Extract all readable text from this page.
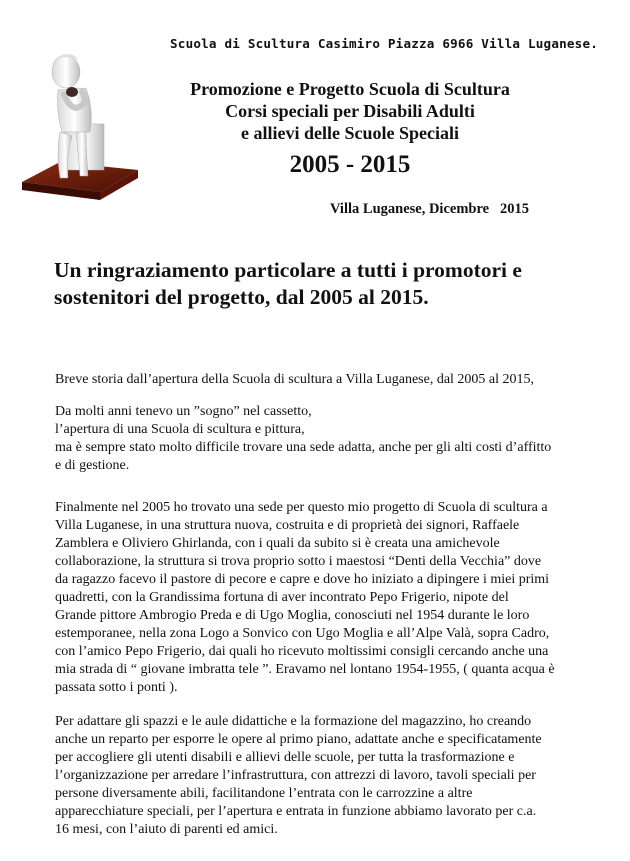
Scuola di Scultura Casimiro Piazza 6966 Villa Luganese.
Promozione e Progetto Scuola di Scultura
Corsi speciali per Disabili Adulti
e allievi delle Scuole Speciali
2005 - 2015
Villa Luganese, Dicembre   2015
Un ringraziamento particolare a tutti i promotori e
sostenitori del progetto, dal 2005 al 2015.
Breve storia dall’apertura della Scuola di scultura a Villa Luganese, dal 2005 al 2015,
Da molti anni tenevo un ”sogno” nel cassetto,
l’apertura di una Scuola di scultura e pittura,
ma è sempre stato molto difficile trovare una sede adatta, anche per gli alti costi d’affitto
e di gestione.
Finalmente nel 2005 ho trovato una sede per questo mio progetto di Scuola di scultura a
Villa Luganese, in una struttura nuova, costruita e di proprietà dei signori, Raffaele
Zamblera e Oliviero Ghirlanda, con i quali da subito si è creata una amichevole
collaborazione, la struttura si trova proprio sotto i maestosi “Denti della Vecchia” dove
da ragazzo facevo il pastore di pecore e capre e dove ho iniziato a dipingere i miei primi
quadretti, con la Grandissima fortuna di aver incontrato Pepo Frigerio, nipote del
Grande pittore Ambrogio Preda e di Ugo Moglia, conosciuti nel 1954 durante le loro
estemporanee, nella zona Logo a Sonvico con Ugo Moglia e all’Alpe Valà, sopra Cadro,
con l’amico Pepo Frigerio, dai quali ho ricevuto moltissimi consigli cercando anche una
mia strada di “ giovane imbratta tele ”. Eravamo nel lontano 1954-1955, ( quanta acqua è
passata sotto i ponti ).
Per adattare gli spazzi e le aule didattiche e la formazione del magazzino, ho creando
anche un reparto per esporre le opere al primo piano, adattate anche e specificatamente
per accogliere gli utenti disabili e allievi delle scuole, per tutta la trasformazione e
l’organizzazione per arredare l’infrastruttura, con attrezzi di lavoro, tavoli speciali per
persone diversamente abili, facilitandone l’entrata con le carrozzine a altre
apparecchiature speciali, per l’apertura e entrata in funzione abbiamo lavorato per c.a.
16 mesi, con l’aiuto di parenti ed amici.
